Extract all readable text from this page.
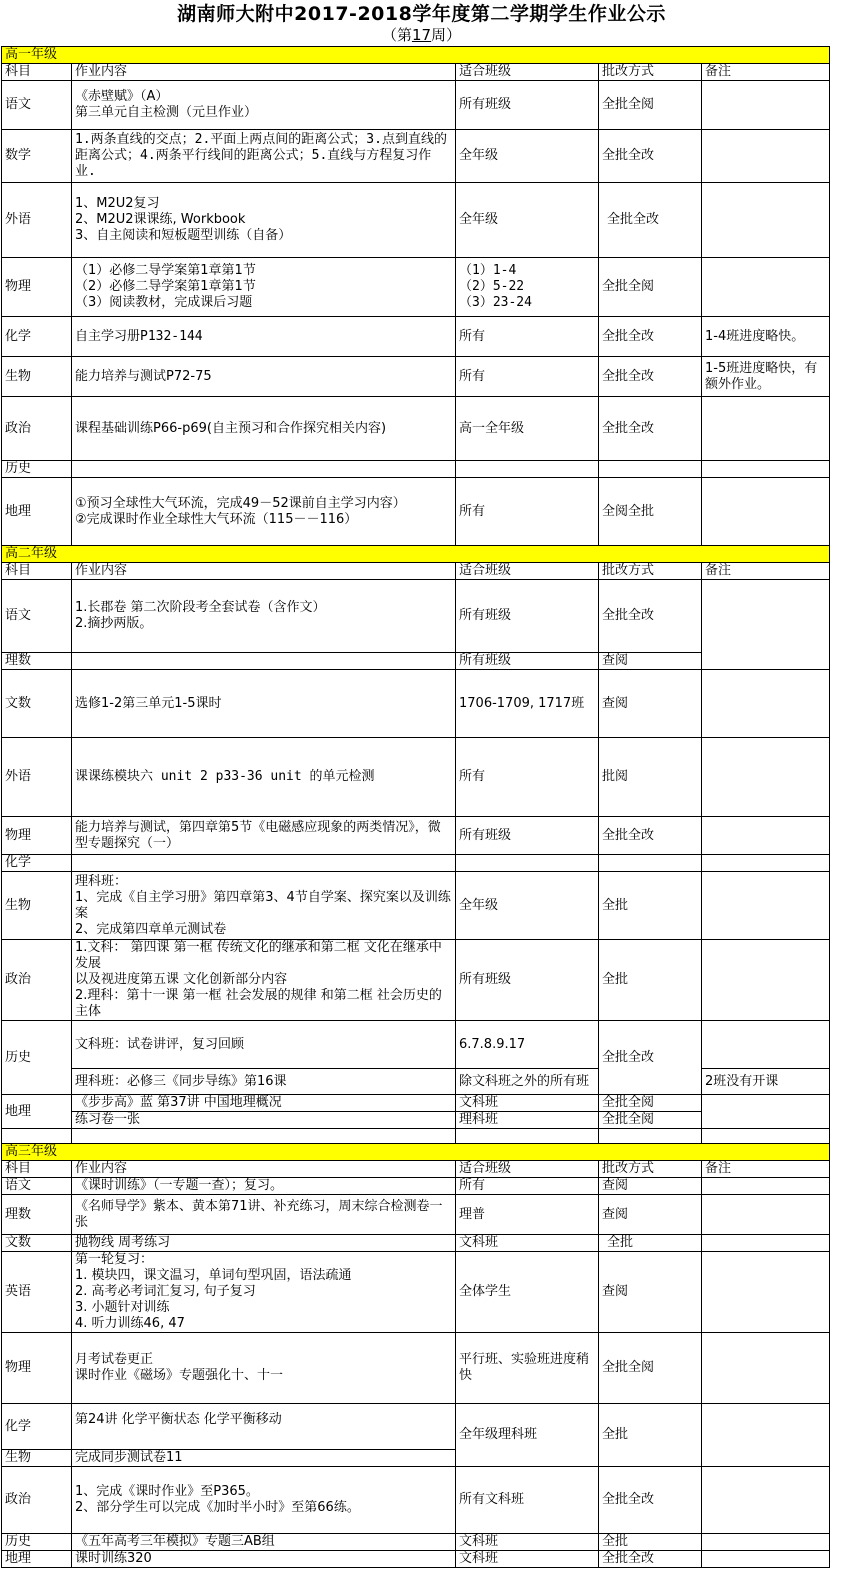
湖南师大附中2017-2018学年度第二学期学生作业公示
（第17周）
高一年级				
科目	作业内容	适合班级	批改方式	备注
语文	《赤壁赋》（A）
第三单元自主检测（元旦作业）	所有班级	全批全阅	
数学	1.两条直线的交点；2.平面上两点间的距离公式；3.点到直线的距离公式；4.两条平行线间的距离公式；5.直线与方程复习作业.	全年级	全批全改	
外语	1、M2U2复习
2、M2U2课课练, Workbook
3、自主阅读和短板题型训练（自备）	全年级	全批全改	
物理	（1）必修二导学案第1章第1节
（2）必修二导学案第1章第1节
（3）阅读教材，完成课后习题	（1）1-4
（2）5-22
（3）23-24	全批全阅	
化学	自主学习册P132-144	所有	全批全改	1-4班进度略快。
生物	能力培养与测试P72-75	所有	全批全改	1-5班进度略快，有额外作业。
政治	课程基础训练P66-p69(自主预习和合作探究相关内容)	高一全年级	全批全改	
历史				
地理	①预习全球性大气环流，完成49－52课前自主学习内容）
②完成课时作业全球性大气环流（115－－116）	所有	全阅全批	
高二年级				
科目	作业内容	适合班级	批改方式	备注
语文	1.长郡卷 第二次阶段考全套试卷（含作文）
2.摘抄两版。	所有班级	全批全改	
理数		所有班级	查阅	
文数	选修1-2第三单元1-5课时	1706-1709, 1717班	查阅	
外语	课课练模块六 unit 2 p33-36 unit 的单元检测	所有	批阅	
物理	能力培养与测试，第四章第5节《电磁感应现象的两类情况》，微型专题探究（一）	所有班级	全批全改	
化学				
生物	理科班：
1、完成《自主学习册》第四章第3、4节自学案、探究案以及训练案
2、完成第四章单元测试卷	全年级	全批	
政治	1.文科： 第四课 第一框 传统文化的继承和第二框 文化在继承中发展
以及视进度第五课 文化创新部分内容
2.理科：第十一课 第一框 社会发展的规律 和第二框 社会历史的主体	所有班级	全批	
历史	文科班：试卷讲评，复习回顾	6.7.8.9.17	全批全改	
	理科班：必修三《同步导练》第16课	除文科班之外的所有班		2班没有开课
地理	《步步高》蓝 第37讲 中国地理概况	文科班	全批全阅	
	练习卷一张	理科班	全批全阅	

高三年级				
科目	作业内容	适合班级	批改方式	备注
语文	《课时训练》（一专题一查）；复习。	所有	查阅	
理数	《名师导学》紫本、黄本第71讲、补充练习，周末综合检测卷一张	理普	查阅	
文数	抛物线 周考练习	文科班	全批	
英语	第一轮复习：
1. 模块四，课文温习，单词句型巩固，语法疏通
2. 高考必考词汇复习, 句子复习
3. 小题针对训练
4. 听力训练46, 47	全体学生	查阅	
物理	月考试卷更正
课时作业《磁场》专题强化十、十一	平行班、实验班进度稍快	全批全阅	
化学	第24讲 化学平衡状态 化学平衡移动	全年级理科班	全批	
生物	完成同步测试卷11			
政治	1、完成《课时作业》至P365。
2、部分学生可以完成《加时半小时》至第66练。	所有文科班	全批全改	
历史	《五年高考三年模拟》专题三AB组	文科班	全批	
地理	课时训练320	文科班	全批全改	
